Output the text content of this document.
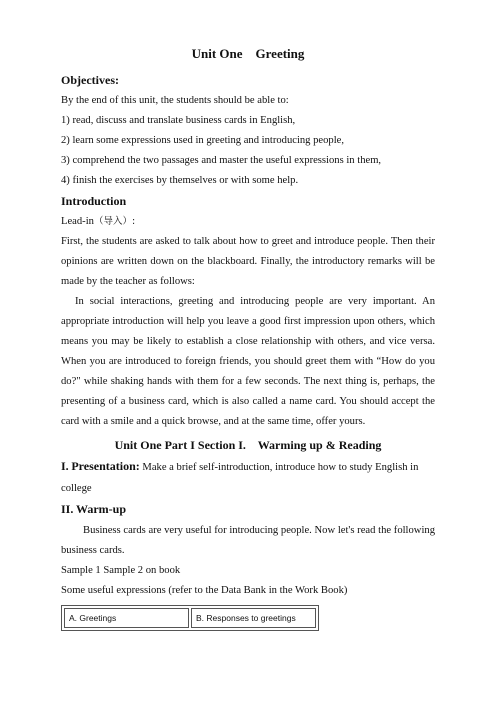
Unit One    Greeting

Objectives:

By the end of this unit, the students should be able to:

1) read, discuss and translate business cards in English,

2) learn some expressions used in greeting and introducing people,

3) comprehend the two passages and master the useful expressions in them,

4) finish the exercises by themselves or with some help.

Introduction

Lead-in（导入）:

First, the students are asked to talk about how to greet and introduce people. Then their opinions are written down on the blackboard. Finally, the introductory remarks will be made by the teacher as follows:

In social interactions, greeting and introducing people are very important. An appropriate introduction will help you leave a good first impression upon others, which means you may be likely to establish a close relationship with others, and vice versa. When you are introduced to foreign friends, you should greet them with “How do you do?" while shaking hands with them for a few seconds. The next thing is, perhaps, the presenting of a business card, which is also called a name card. You should accept the card with a smile and a quick browse, and at the same time, offer yours.

Unit One Part I Section I.    Warming up & Reading

I. Presentation: Make a brief self-introduction, introduce how to study English in college

II. Warm-up

Business cards are very useful for introducing people. Now let's read the following business cards.

Sample 1 Sample 2 on book

Some useful expressions (refer to the Data Bank in the Work Book)

A. Greetings	B. Responses to greetings
